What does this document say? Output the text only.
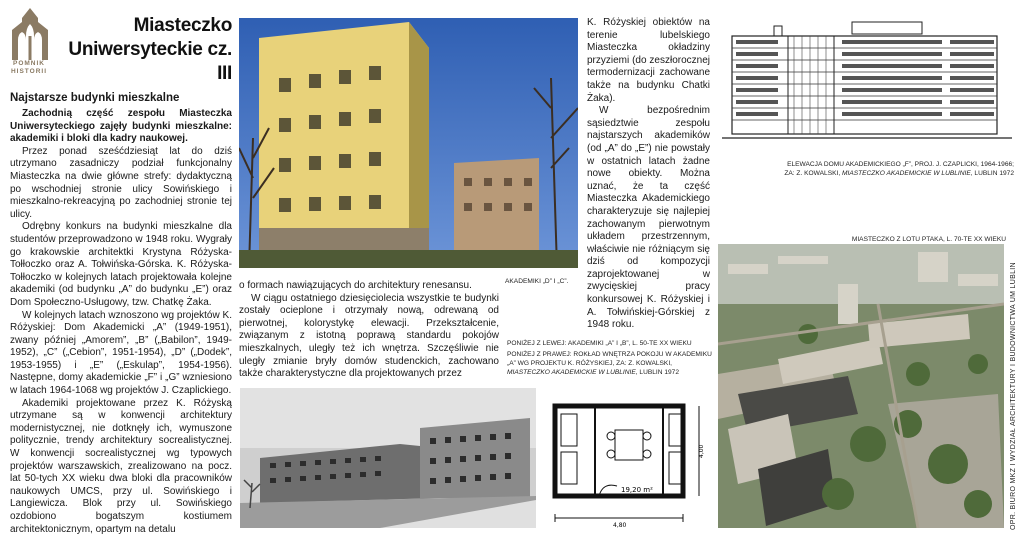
POMNIK HISTORII
Miasteczko
Uniwersyteckie cz. III
Najstarsze budynki mieszkalne

Zachodnią część zespołu Miasteczka Uniwersyteckiego zajęły budynki mieszkalne: akademiki i bloki dla kadry naukowej.

Przez ponad sześćdziesiąt lat do dziś utrzymano zasadniczy podział funkcjonalny Miasteczka na dwie główne strefy: dydaktyczną po wschodniej stronie ulicy Sowińskiego i mieszkalno-rekreacyjną po zachodniej stronie tej ulicy.

Odrębny konkurs na budynki mieszkalne dla studentów przeprowadzono w 1948 roku. Wygrały go krakowskie architektki Krystyna Różyska-Tołłoczko oraz A. Tołwińska-Górska. K. Różyska-Tołłoczko w kolejnych latach projektowała kolejne akademiki (od budynku „A” do budynku „E”) oraz Dom Społeczno-Usługowy, tzw. Chatkę Żaka.

W kolejnych latach wznoszono wg projektów K. Różyskiej: Dom Akademicki „A” (1949-1951), zwany później „Amorem”, „B” („Babilon”, 1949-1952), „C” („Cebion”, 1951-1954), „D” („Dodek”, 1953-1955) i „E” („Eskulap”, 1954-1956). Następne, domy akademickie „F” i „G” wzniesiono w latach 1964-1068 wg projektów J. Czaplickiego.

Akademiki projektowane przez K. Różyską utrzymane są w konwencji architektury modernistycznej, nie dotknęły ich, wymuszone politycznie, trendy architektury socrealistycznej. W konwencji socrealistycznej wg typowych projektów warszawskich, zrealizowano na pocz. lat 50-tych XX wieku dwa bloki dla pracowników naukowych UMCS, przy ul. Sowińskiego i Langiewicza. Blok przy ul. Sowińskiego ozdobiono bogatszym kostiumem architektonicznym, opartym na detalu

AKADEMIKI „D” I „C”.

o formach nawiązujących do architektury renesansu.

W ciągu ostatniego dziesięciolecia wszystkie te budynki zostały ocieplone i otrzymały nową, odrewaną od pierwotnej, kolorystykę elewacji. Przekształcenie, związanym z istotną poprawą standardu pokojów mieszkalnych, uległy też ich wnętrza. Szczęśliwie nie uległy zmianie bryły domów studenckich, zachowano także charakterystyczne dla projektowanych przez

K. Różyskiej obiektów na terenie lubelskiego Miasteczka okładziny przyziemi (do zeszłorocznej termodernizacji zachowane także na budynku Chatki Żaka).

W bezpośrednim sąsiedztwie zespołu najstarszych akademików (od „A” do „E”) nie powstały w ostatnich latach żadne nowe obiekty. Można uznać, że ta część Miasteczka Akademickiego charakteryzuje się najlepiej zachowanym pierwotnym układem przestrzennym, właściwie nie różniącym się dziś od kompozycji zaprojektowanej w zwycięskiej pracy konkursowej K. Różyskiej i A. Tołwińskiej-Górskiej z 1948 roku.

PONIŻEJ Z LEWEJ: AKADEMIKI „A” I „B”, L. 50-TE XX WIEKU
PONIŻEJ Z PRAWEJ: ROKŁAD WNĘTRZA POKOJU W AKADEMIKU „A” WG PROJEKTU K. RÓŻYSKIEJ, ZA: Z. KOWALSKI, MIASTECZKO AKADEMICKIE W LUBLINIE, LUBLIN 1972
19,20 m²
4,80
4,00
ELEWACJA DOMU AKADEMICKIEGO „F”, PROJ. J. CZAPLICKI, 1964-1966;
ZA: Z. KOWALSKI, MIASTECZKO AKADEMICKIE W LUBLINIE, LUBLIN 1972
MIASTECZKO Z LOTU PTAKA, L. 70-TE XX WIEKU
OPR. BIURO MKZ I WYDZIAŁ ARCHITEKTURY I BUDOWNICTWA UM LUBLIN
